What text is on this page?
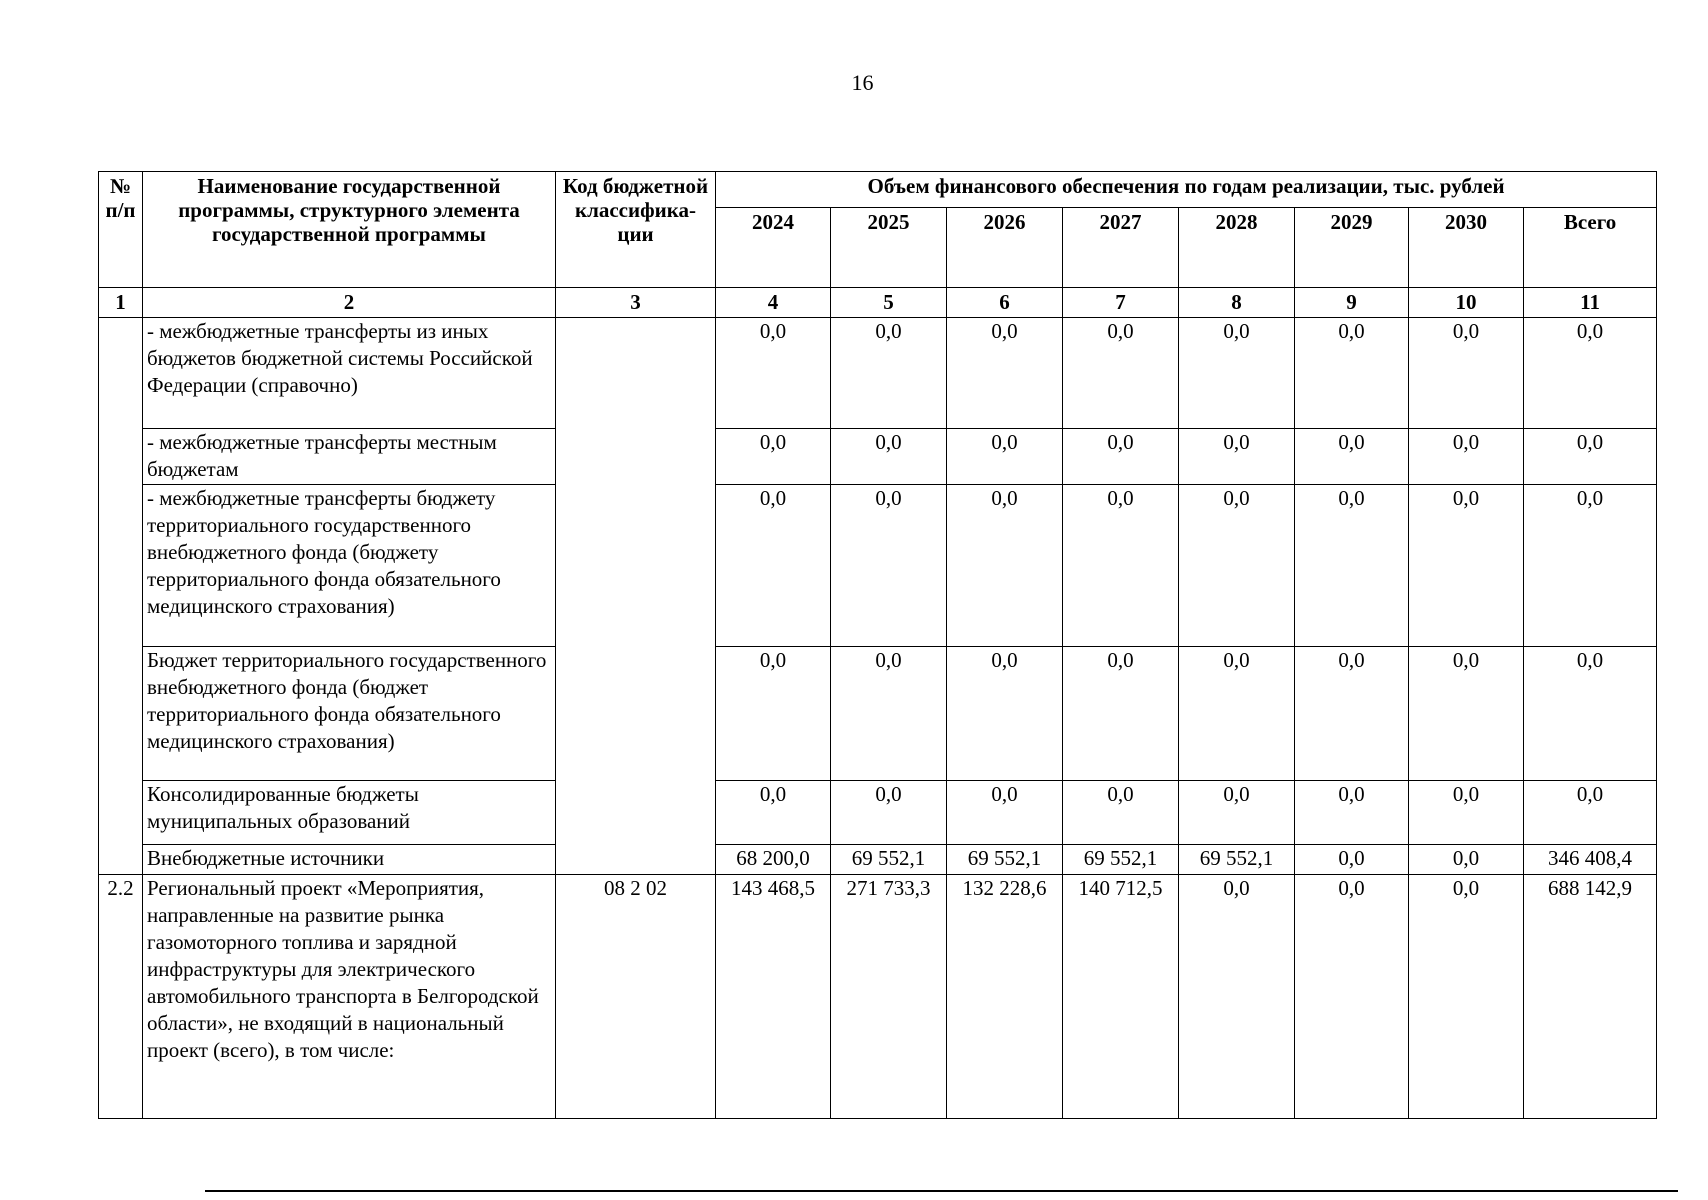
16
№ п/п	Наименование государственной программы, структурного элемента государственной программы	Код бюджетной классифика-ции	Объем финансового обеспечения по годам реализации, тыс. рублей							
			2024	2025	2026	2027	2028	2029	2030	Всего
1	2	3	4	5	6	7	8	9	10	11
	- межбюджетные трансферты из иных бюджетов бюджетной системы Российской Федерации (справочно)		0,0	0,0	0,0	0,0	0,0	0,0	0,0	0,0
	- межбюджетные трансферты местным бюджетам		0,0	0,0	0,0	0,0	0,0	0,0	0,0	0,0
	- межбюджетные трансферты бюджету территориального государственного внебюджетного фонда (бюджету территориального фонда обязательного медицинского страхования)		0,0	0,0	0,0	0,0	0,0	0,0	0,0	0,0
	Бюджет территориального государственного внебюджетного фонда (бюджет территориального фонда обязательного медицинского страхования)		0,0	0,0	0,0	0,0	0,0	0,0	0,0	0,0
	Консолидированные бюджеты муниципальных образований		0,0	0,0	0,0	0,0	0,0	0,0	0,0	0,0
	Внебюджетные источники		68 200,0	69 552,1	69 552,1	69 552,1	69 552,1	0,0	0,0	346 408,4
2.2	Региональный проект «Мероприятия, направленные на развитие рынка газомоторного топлива и зарядной инфраструктуры для электрического автомобильного транспорта в Белгородской области», не входящий в национальный проект (всего), в том числе:	08 2 02	143 468,5	271 733,3	132 228,6	140 712,5	0,0	0,0	0,0	688 142,9
